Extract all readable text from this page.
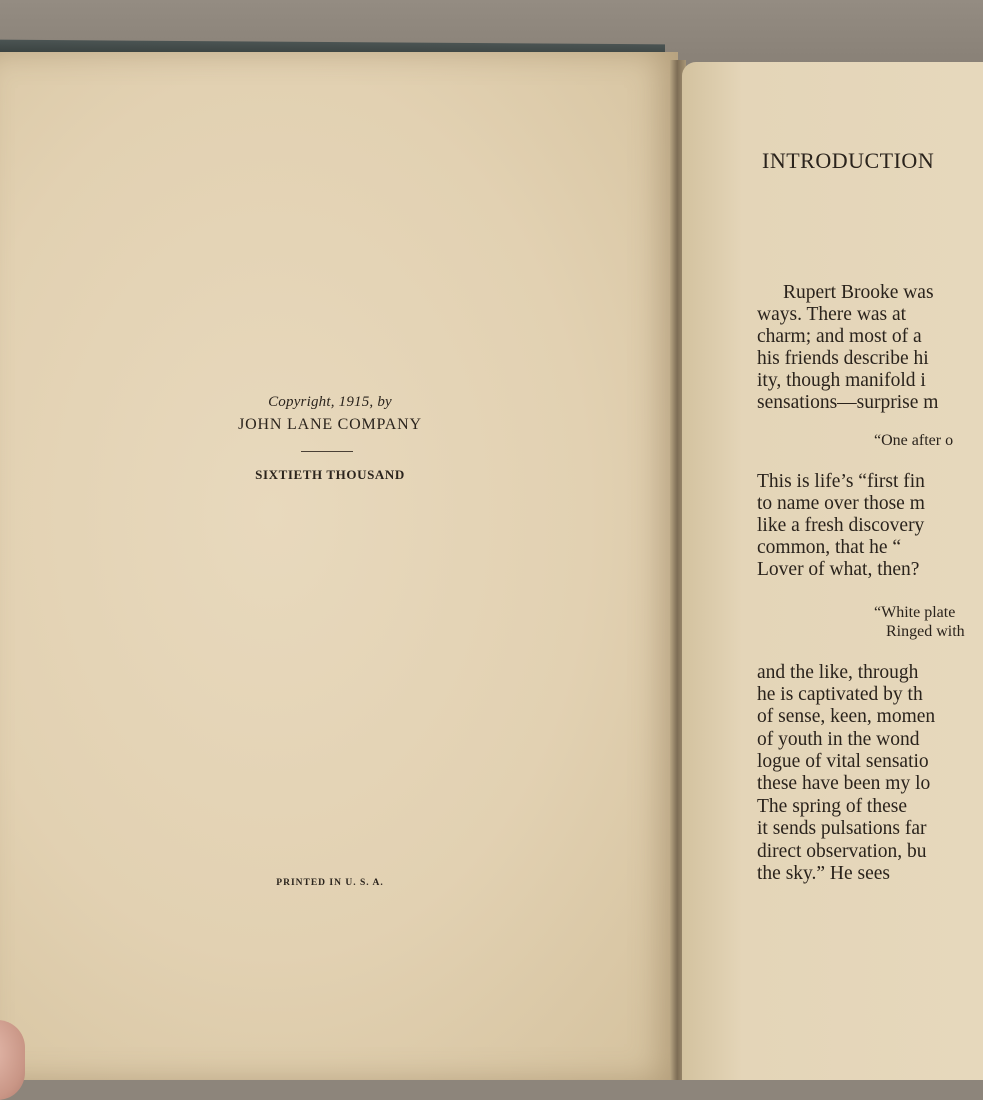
Copyright, 1915, by
JOHN LANE COMPANY
SIXTIETH THOUSAND
PRINTED IN U. S. A.
INTRODUCTION
Rupert Brooke was
ways. There was at
charm; and most of a
his friends describe hi
ity, though manifold i
sensations—surprise m
“One after o
This is life’s “first fin
to name over those m
like a fresh discovery
common, that he “
Lover of what, then?
“White plate
Ringed with
and the like, through
he is captivated by th
of sense, keen, momen
of youth in the wond
logue of vital sensatio
these have been my lo
The spring of these
it sends pulsations far
direct observation, bu
the sky.” He sees
